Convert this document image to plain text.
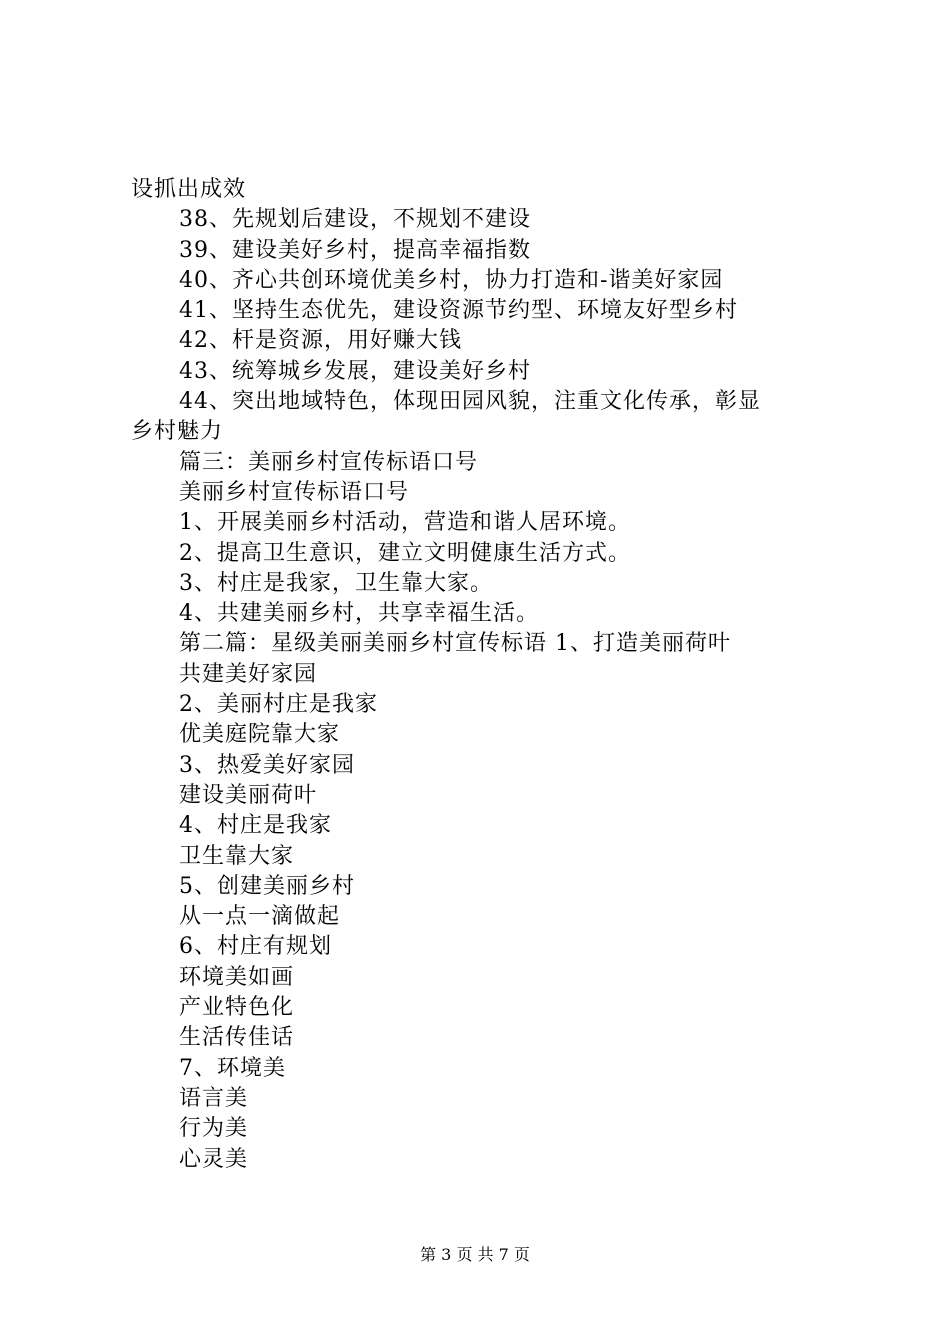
设抓出成效
38、先规划后建设，不规划不建设
39、建设美好乡村，提高幸福指数
40、齐心共创环境优美乡村，协力打造和-谐美好家园
41、坚持生态优先，建设资源节约型、环境友好型乡村
42、杆是资源，用好赚大钱
43、统筹城乡发展，建设美好乡村
44、突出地域特色，体现田园风貌，注重文化传承，彰显
乡村魅力
篇三：美丽乡村宣传标语口号
美丽乡村宣传标语口号
1、开展美丽乡村活动，营造和谐人居环境。
2、提高卫生意识，建立文明健康生活方式。
3、村庄是我家，卫生靠大家。
4、共建美丽乡村，共享幸福生活。
第二篇：星级美丽美丽乡村宣传标语 1、打造美丽荷叶
共建美好家园
2、美丽村庄是我家
优美庭院靠大家
3、热爱美好家园
建设美丽荷叶
4、村庄是我家
卫生靠大家
5、创建美丽乡村
从一点一滴做起
6、村庄有规划
环境美如画
产业特色化
生活传佳话
7、环境美
语言美
行为美
心灵美
第 3 页 共 7 页
